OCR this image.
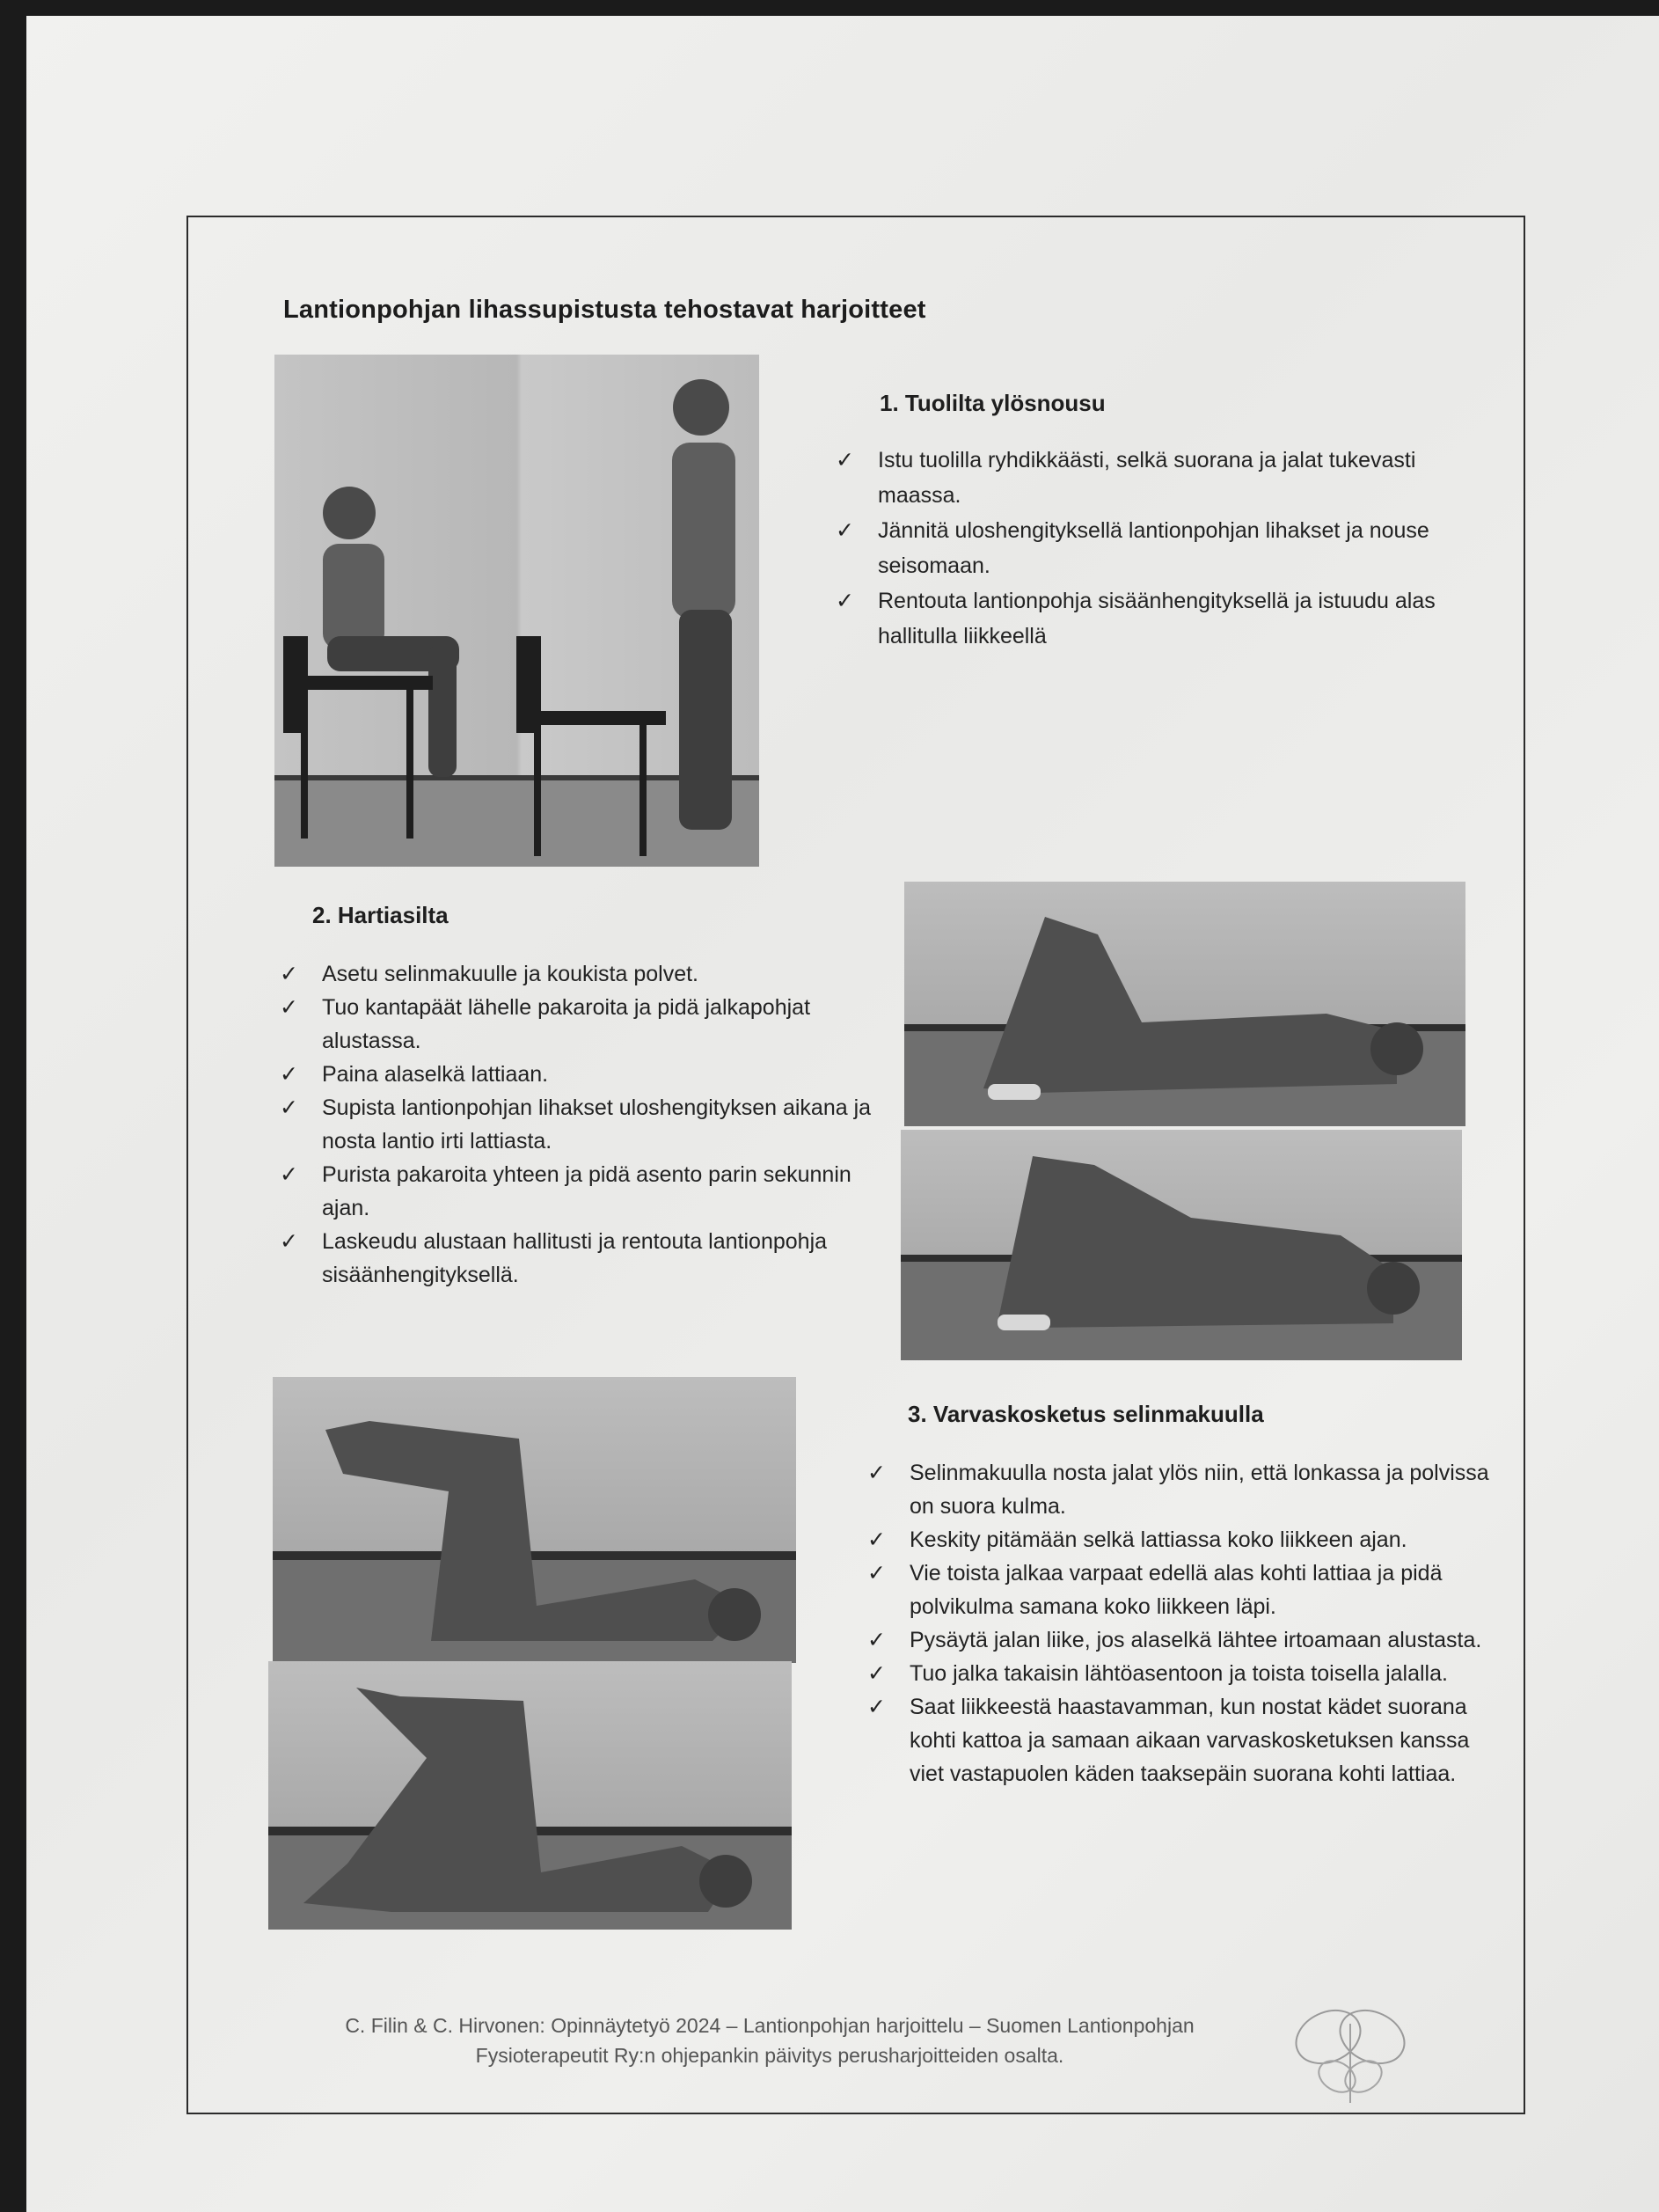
Lantionpohjan lihassupistusta tehostavat harjoitteet
1. Tuolilta ylösnousu
✓ Istu tuolilla ryhdikkäästi, selkä suorana ja jalat tukevasti maassa.
✓ Jännitä uloshengityksellä lantionpohjan lihakset ja nouse seisomaan.
✓ Rentouta lantionpohja sisäänhengityksellä ja istuudu alas hallitulla liikkeellä
2. Hartiasilta
✓ Asetu selinmakuulle ja koukista polvet.
✓ Tuo kantapäät lähelle pakaroita ja pidä jalkapohjat alustassa.
✓ Paina alaselkä lattiaan.
✓ Supista lantionpohjan lihakset uloshengityksen aikana ja nosta lantio irti lattiasta.
✓ Purista pakaroita yhteen ja pidä asento parin sekunnin ajan.
✓ Laskeudu alustaan hallitusti ja rentouta lantionpohja sisäänhengityksellä.
3. Varvaskosketus selinmakuulla
✓ Selinmakuulla nosta jalat ylös niin, että lonkassa ja polvissa on suora kulma.
✓ Keskity pitämään selkä lattiassa koko liikkeen ajan.
✓ Vie toista jalkaa varpaat edellä alas kohti lattiaa ja pidä polvikulma samana koko liikkeen läpi.
✓ Pysäytä jalan liike, jos alaselkä lähtee irtoamaan alustasta.
✓ Tuo jalka takaisin lähtöasentoon ja toista toisella jalalla.
✓ Saat liikkeestä haastavamman, kun nostat kädet suorana kohti kattoa ja samaan aikaan varvaskosketuksen kanssa viet vastapuolen käden taaksepäin suorana kohti lattiaa.
C. Filin & C. Hirvonen: Opinnäytetyö 2024 – Lantionpohjan harjoittelu – Suomen Lantionpohjan
Fysioterapeutit Ry:n ohjepankin päivitys perusharjoitteiden osalta.
